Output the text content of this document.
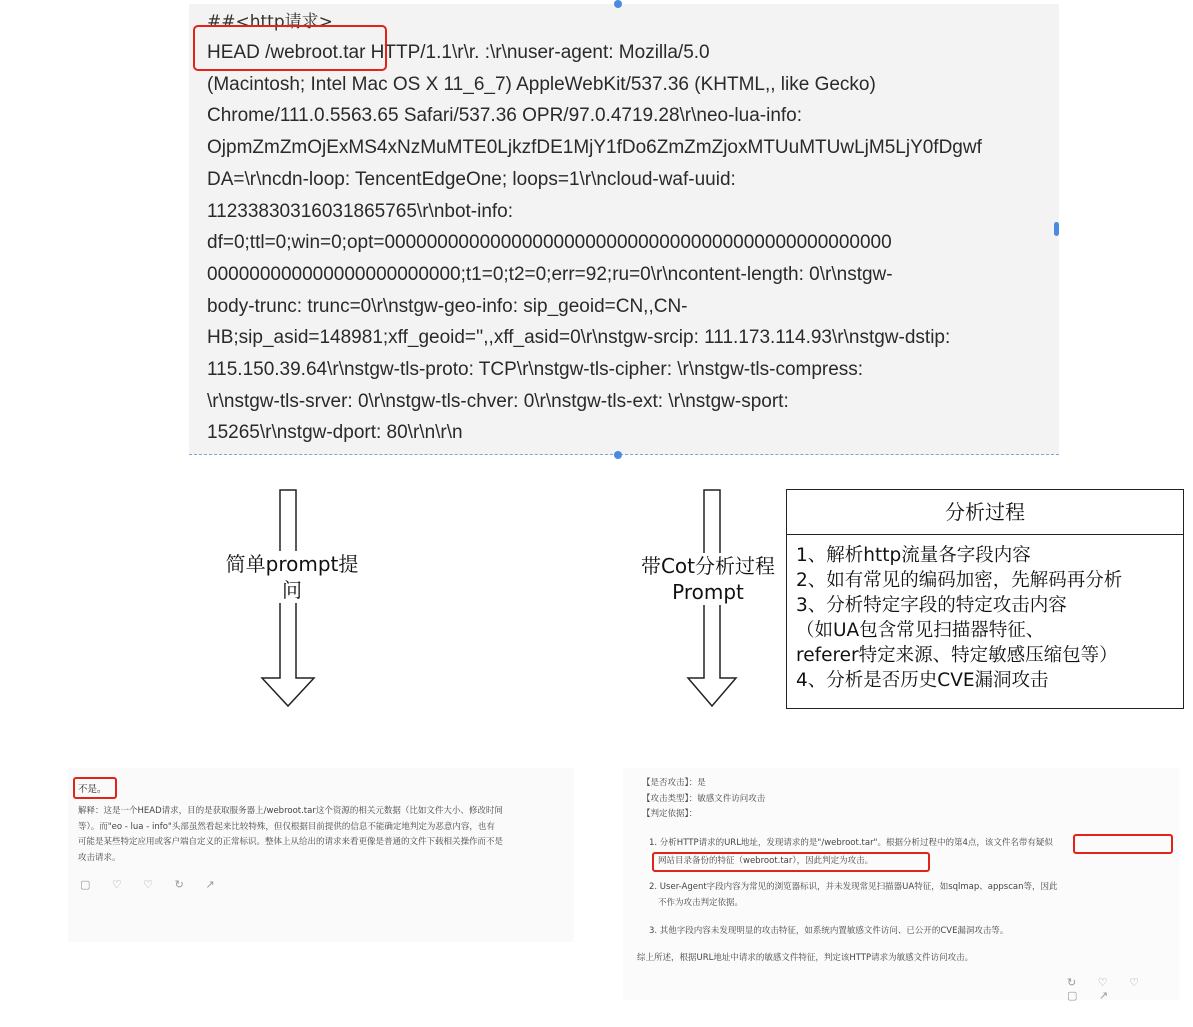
##<http请求>
HEAD /webroot.tar HTTP/1.1\r\r. :\r\nuser-agent: Mozilla/5.0
(Macintosh; Intel Mac OS X 11_6_7) AppleWebKit/537.36 (KHTML,, like Gecko)
Chrome/111.0.5563.65 Safari/537.36 OPR/97.0.4719.28\r\neo-lua-info:
OjpmZmZmOjExMS4xNzMuMTE0LjkzfDE1MjY1fDo6ZmZmZjoxMTUuMTUwLjM5LjY0fDgwf
DA=\r\ncdn-loop: TencentEdgeOne; loops=1\r\ncloud-waf-uuid:
11233830316031865765\r\nbot-info:
df=0;ttl=0;win=0;opt=000000000000000000000000000000000000000000000000
000000000000000000000000;t1=0;t2=0;err=92;ru=0\r\ncontent-length: 0\r\nstgw-
body-trunc: trunc=0\r\nstgw-geo-info: sip_geoid=CN,,CN-
HB;sip_asid=148981;xff_geoid='',,xff_asid=0\r\nstgw-srcip: 111.173.114.93\r\nstgw-dstip:
115.150.39.64\r\nstgw-tls-proto: TCP\r\nstgw-tls-cipher: \r\nstgw-tls-compress:
\r\nstgw-tls-srver: 0\r\nstgw-tls-chver: 0\r\nstgw-tls-ext: \r\nstgw-sport:
15265\r\nstgw-dport: 80\r\n\r\n
简单prompt提问
带Cot分析过程
Prompt
分析过程
1、解析http流量各字段内容
2、如有常见的编码加密，先解码再分析
3、分析特定字段的特定攻击内容
（如UA包含常见扫描器特征、
referer特定来源、特定敏感压缩包等）
4、分析是否历史CVE漏洞攻击
不是。
解释：这是一个HEAD请求，目的是获取服务器上/webroot.tar这个资源的相关元数据（比如文件大小、修改时间
等）。而"eo - lua - info"头部虽然看起来比较特殊，但仅根据目前提供的信息不能确定地判定为恶意内容，也有
可能是某些特定应用或客户端自定义的正常标识。整体上从给出的请求来看更像是普通的文件下载相关操作而不是
攻击请求。
▢ ♡ ♡ ↻ ↗
【是否攻击】：是
【攻击类型】：敏感文件访问攻击
【判定依据】：
1. 分析HTTP请求的URL地址，发现请求的是"/webroot.tar"。根据分析过程中的第4点，该文件名带有疑似
网站目录备份的特征（webroot.tar），因此判定为攻击。
2. User-Agent字段内容为常见的浏览器标识，并未发现常见扫描器UA特征，如sqlmap、appscan等，因此
不作为攻击判定依据。
3. 其他字段内容未发现明显的攻击特征，如系统内置敏感文件访问、已公开的CVE漏洞攻击等。
综上所述，根据URL地址中请求的敏感文件特征，判定该HTTP请求为敏感文件访问攻击。
↻ ♡ ♡ ▢ ↗
